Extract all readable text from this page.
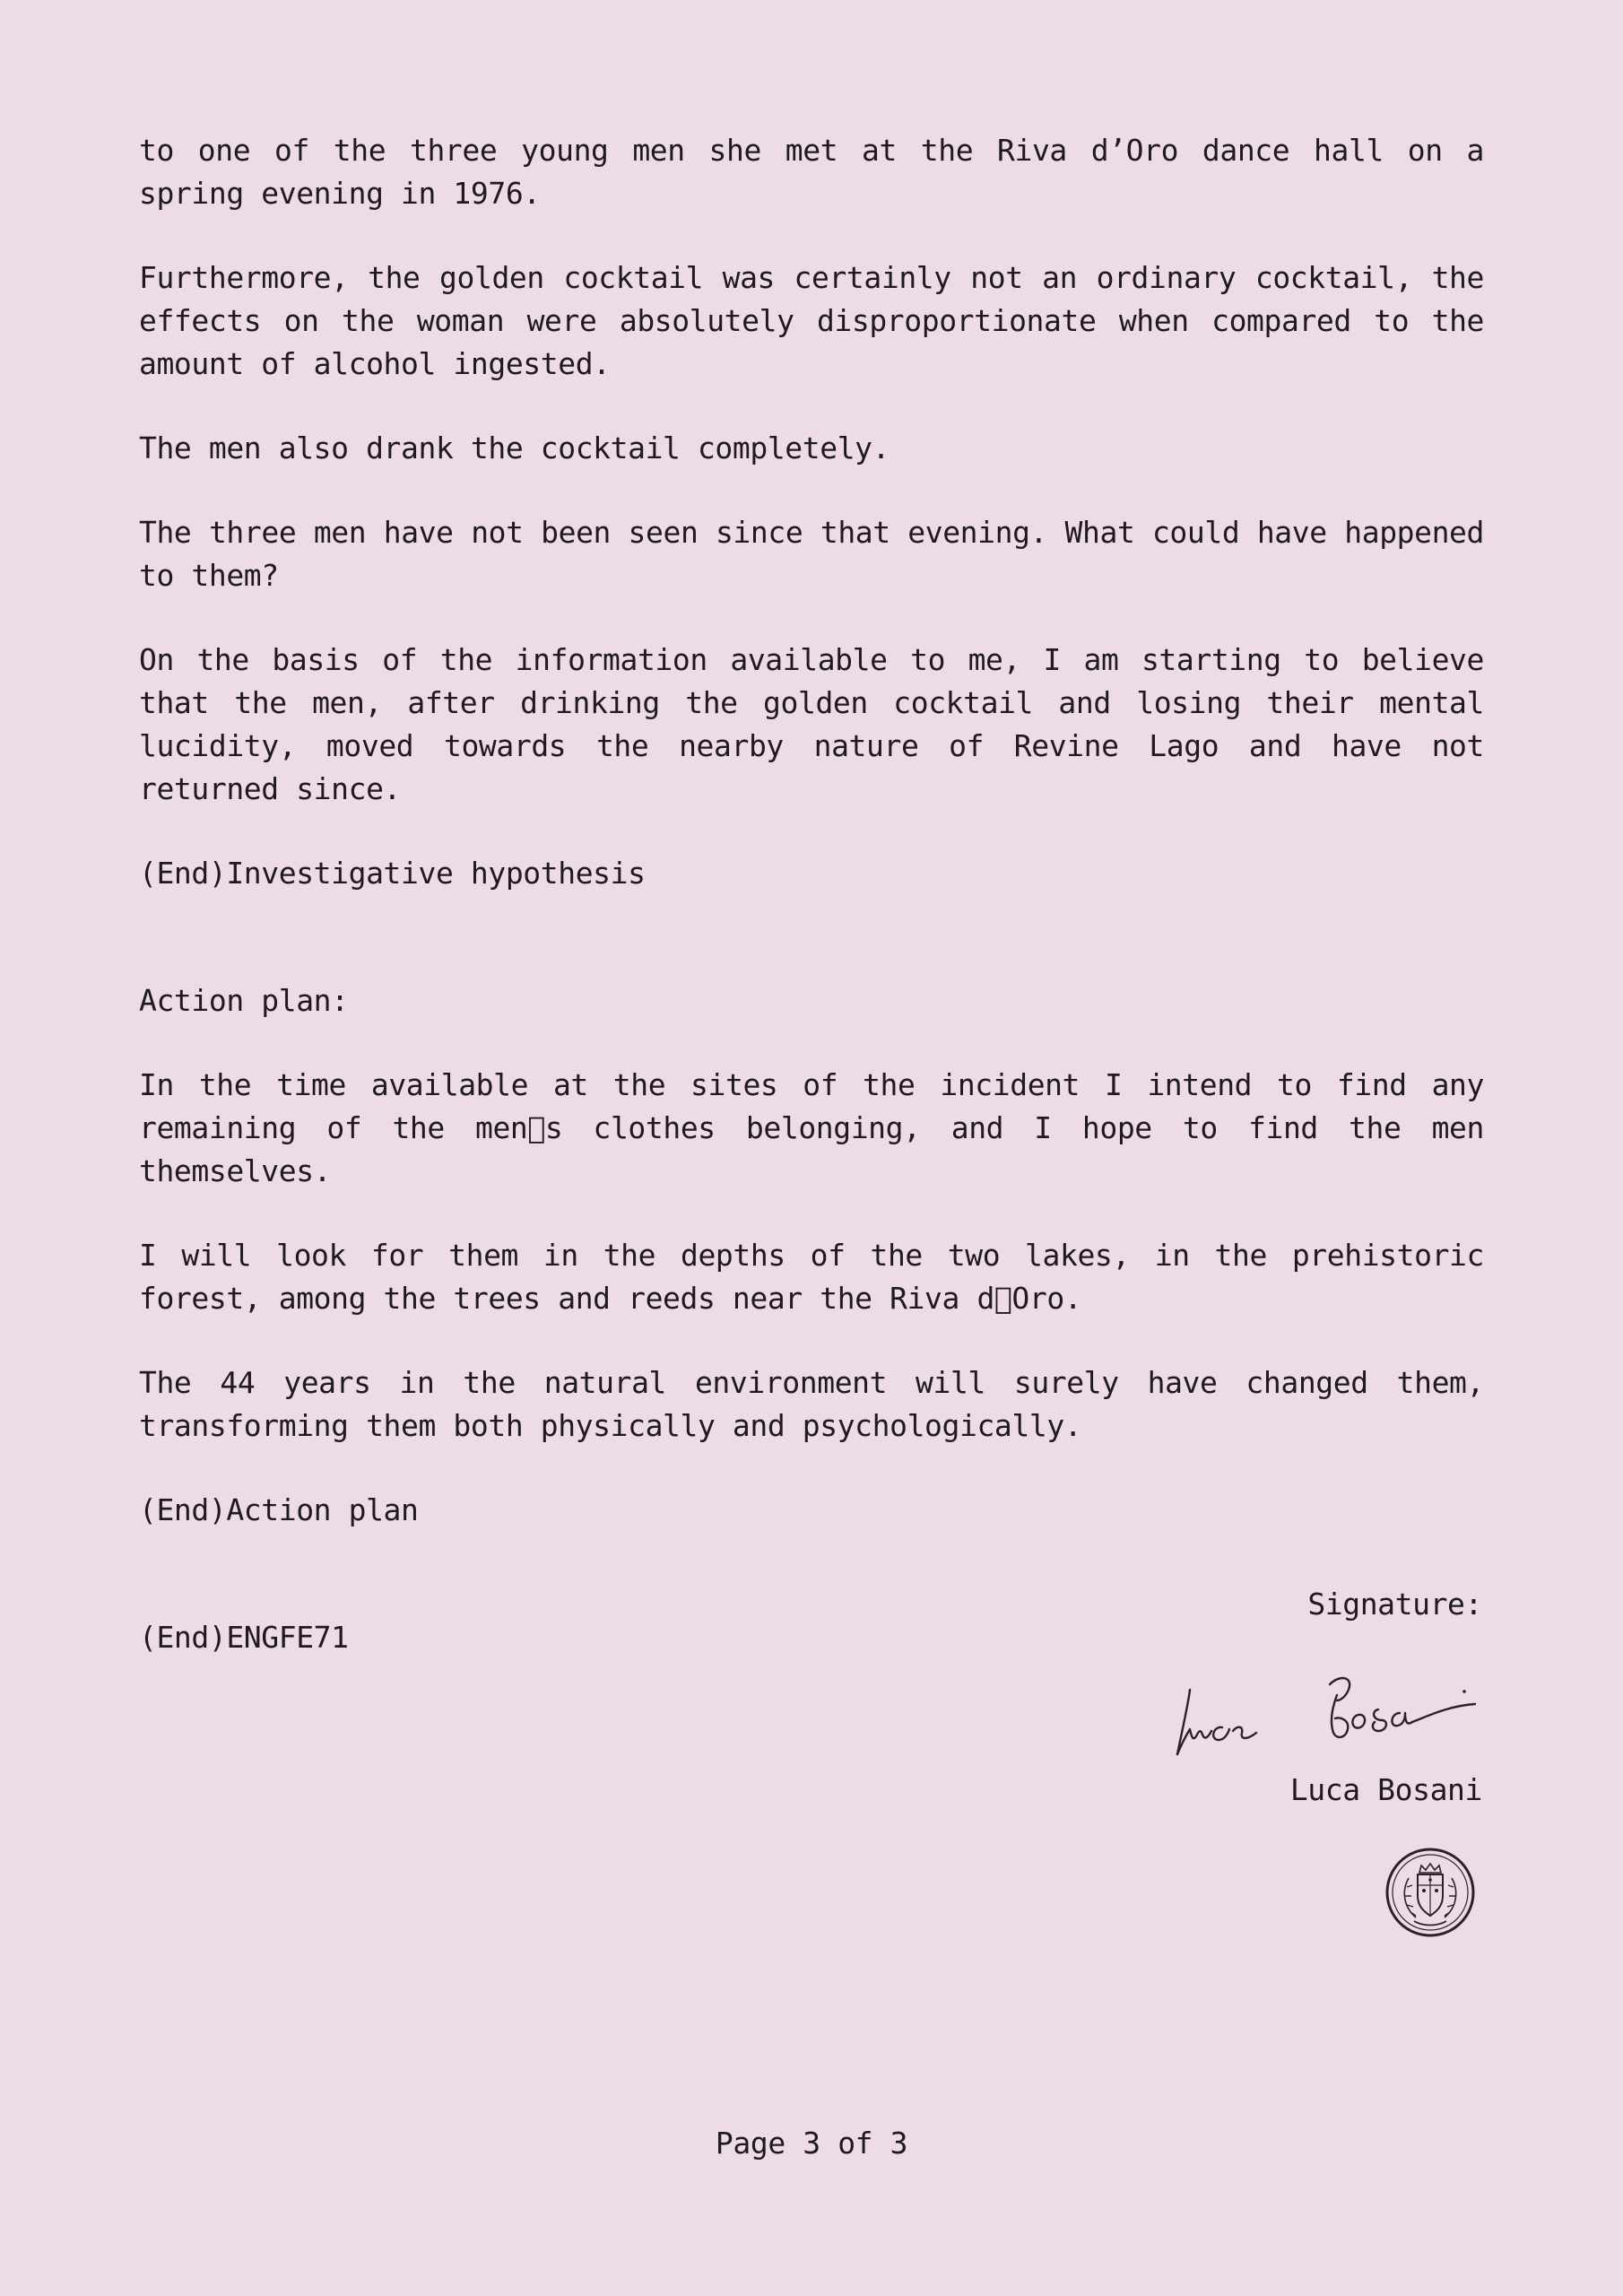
to one of the three young men she met at the Riva d’Oro dance hall on a spring evening in 1976.

Furthermore, the golden cocktail was certainly not an ordinary cocktail, the effects on the woman were absolutely disproportionate when compared to the amount of alcohol ingested.

The men also drank the cocktail completely.

The three men have not been seen since that evening. What could have happened to them?

On the basis of the information available to me, I am starting to believe that the men, after drinking the golden cocktail and losing their mental lucidity, moved towards the nearby nature of Revine Lago and have not returned since.

(End)Investigative hypothesis

Action plan:

In the time available at the sites of the incident I intend to find any remaining of the men s clothes belonging, and I hope to find the men themselves.

I will look for them in the depths of the two lakes, in the prehistoric forest, among the trees and reeds near the Riva d Oro.

The 44 years in the natural environment will surely have changed them, transforming them both physically and psychologically.

(End)Action plan

(End)ENGFE71

Signature:
Luca Bosani
Page 3 of 3
